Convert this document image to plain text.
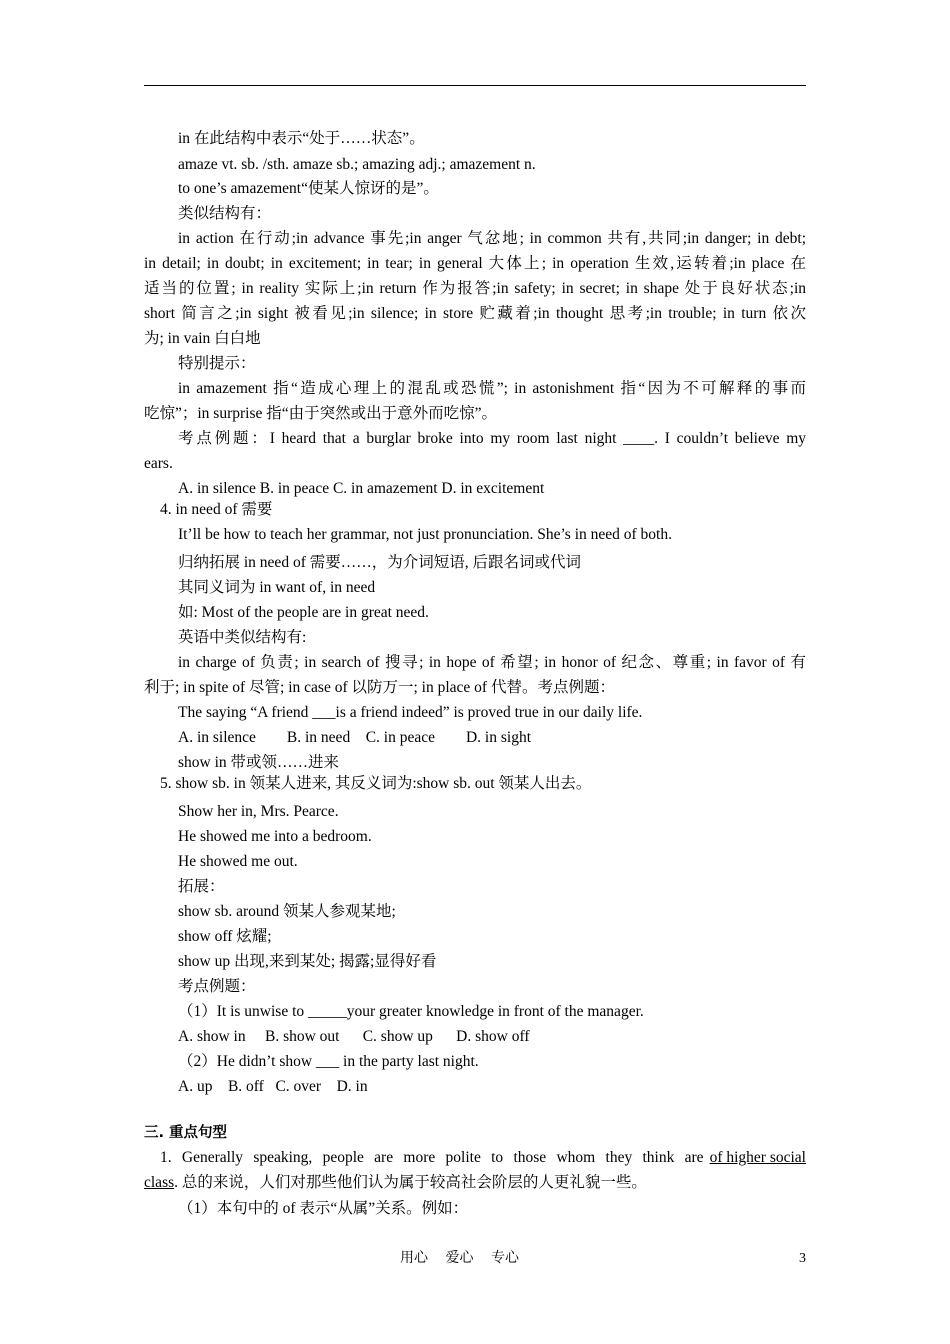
in 在此结构中表示“处于……状态”。
amaze vt. sb. /sth. amaze sb.; amazing adj.; amazement n.
to one’s amazement“使某人惊讶的是”。
类似结构有：
in action 在行动;in advance 事先;in anger 气忿地; in common 共有,共同;in danger; in debt;
in detail; in doubt; in excitement; in tear; in general 大体上; in operation 生效,运转着;in place 在
适当的位置; in reality 实际上;in return 作为报答;in safety; in secret; in shape 处于良好状态;in
short 简言之;in sight 被看见;in silence; in store 贮藏着;in thought 思考;in trouble; in turn 依次
为; in vain 白白地
特别提示：
in amazement 指“造成心理上的混乱或恐慌”; in astonishment 指“因为不可解释的事而
吃惊”；in surprise 指“由于突然或出于意外而吃惊”。
考点例题：I heard that a burglar broke into my room last night ____. I couldn’t believe my
ears.
A. in silence B. in peace C. in amazement D. in excitement
4. in need of 需要
It’ll be how to teach her grammar, not just pronunciation. She’s in need of both.
归纳拓展 in need of 需要……，为介词短语, 后跟名词或代词
其同义词为 in want of, in need
如: Most of the people are in great need.
英语中类似结构有:
in charge of 负责; in search of 搜寻; in hope of 希望; in honor of 纪念、尊重; in favor of 有
利于; in spite of 尽管; in case of 以防万一; in place of 代替。考点例题：
The saying “A friend ___is a friend indeed” is proved true in our daily life.
A. in silence        B. in need    C. in peace        D. in sight
show in 带或领……进来
5. show sb. in 领某人进来, 其反义词为:show sb. out 领某人出去。
Show her in, Mrs. Pearce.
He showed me into a bedroom.
He showed me out.
拓展：
show sb. around 领某人参观某地;
show off 炫耀;
show up 出现,来到某处; 揭露;显得好看
考点例题：
（1）It is unwise to _____your greater knowledge in front of the manager.
A. show in     B. show out      C. show up      D. show off
（2）He didn’t show ___ in the party last night.
A. up    B. off   C. over    D. in
三. 重点句型
1. Generally speaking, people are more polite to those whom they think are of higher social
class. 总的来说，人们对那些他们认为属于较高社会阶层的人更礼貌一些。
（1）本句中的 of 表示“从属”关系。例如：
用心 爱心 专心	3
